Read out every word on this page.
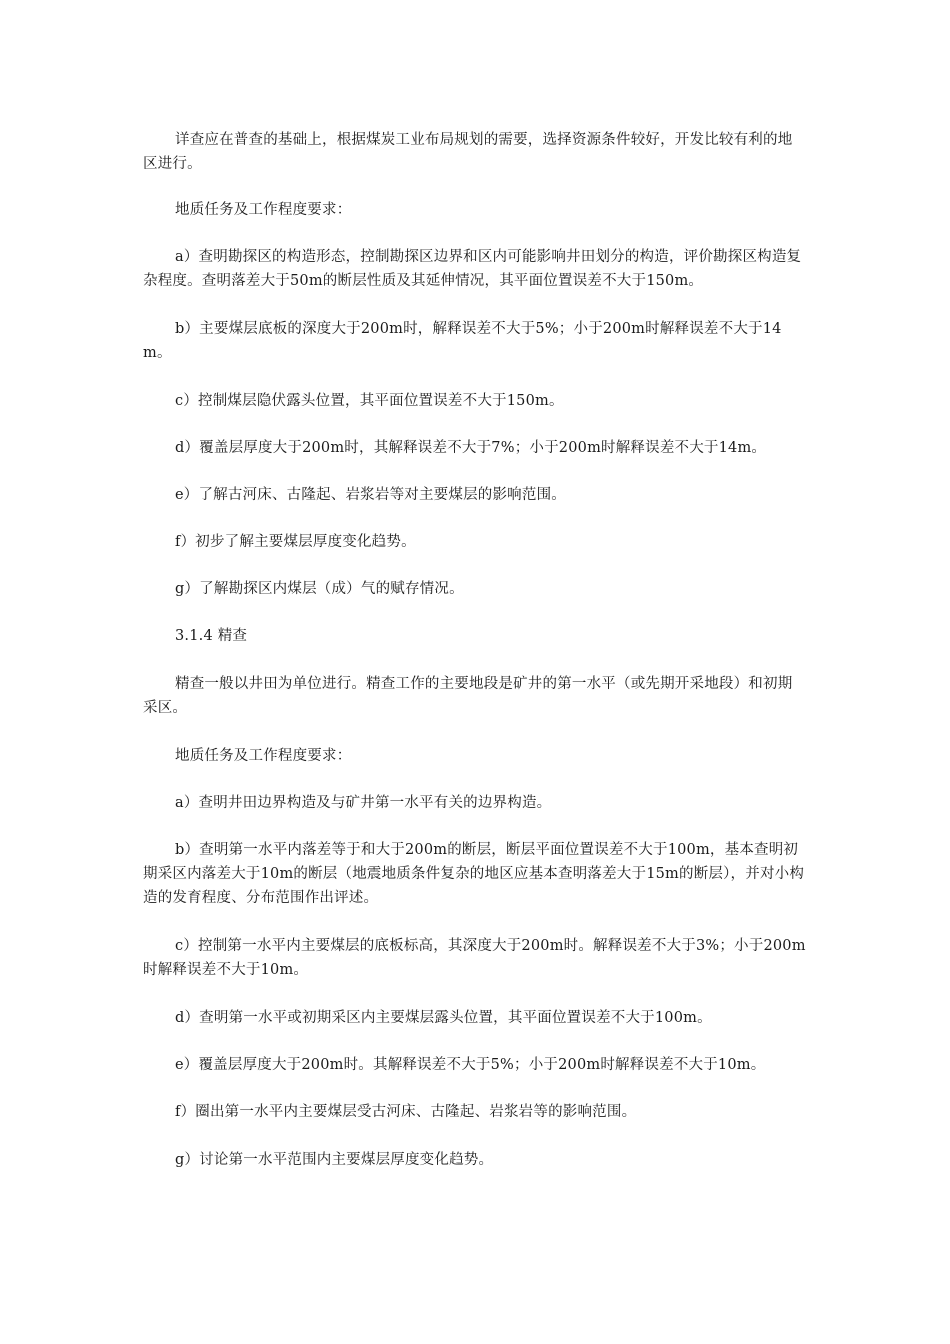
详查应在普查的基础上，根据煤炭工业布局规划的需要，选择资源条件较好，开发比较有利的地区进行。

地质任务及工作程度要求：

a）查明勘探区的构造形态，控制勘探区边界和区内可能影响井田划分的构造，评价勘探区构造复杂程度。查明落差大于50m的断层性质及其延伸情况，其平面位置误差不大于150m。

b）主要煤层底板的深度大于200m时，解释误差不大于5%；小于200m时解释误差不大于14m。

c）控制煤层隐伏露头位置，其平面位置误差不大于150m。

d）覆盖层厚度大于200m时，其解释误差不大于7%；小于200m时解释误差不大于14m。

e）了解古河床、古隆起、岩浆岩等对主要煤层的影响范围。

f）初步了解主要煤层厚度变化趋势。

g）了解勘探区内煤层（成）气的赋存情况。

3.1.4 精查

精查一般以井田为单位进行。精查工作的主要地段是矿井的第一水平（或先期开采地段）和初期采区。

地质任务及工作程度要求：

a）查明井田边界构造及与矿井第一水平有关的边界构造。

b）查明第一水平内落差等于和大于200m的断层，断层平面位置误差不大于100m，基本查明初期采区内落差大于10m的断层（地震地质条件复杂的地区应基本查明落差大于15m的断层），并对小构造的发育程度、分布范围作出评述。

c）控制第一水平内主要煤层的底板标高，其深度大于200m时。解释误差不大于3%；小于200m时解释误差不大于10m。

d）查明第一水平或初期采区内主要煤层露头位置，其平面位置误差不大于100m。

e）覆盖层厚度大于200m时。其解释误差不大于5%；小于200m时解释误差不大于10m。

f）圈出第一水平内主要煤层受古河床、古隆起、岩浆岩等的影响范围。

g）讨论第一水平范围内主要煤层厚度变化趋势。
